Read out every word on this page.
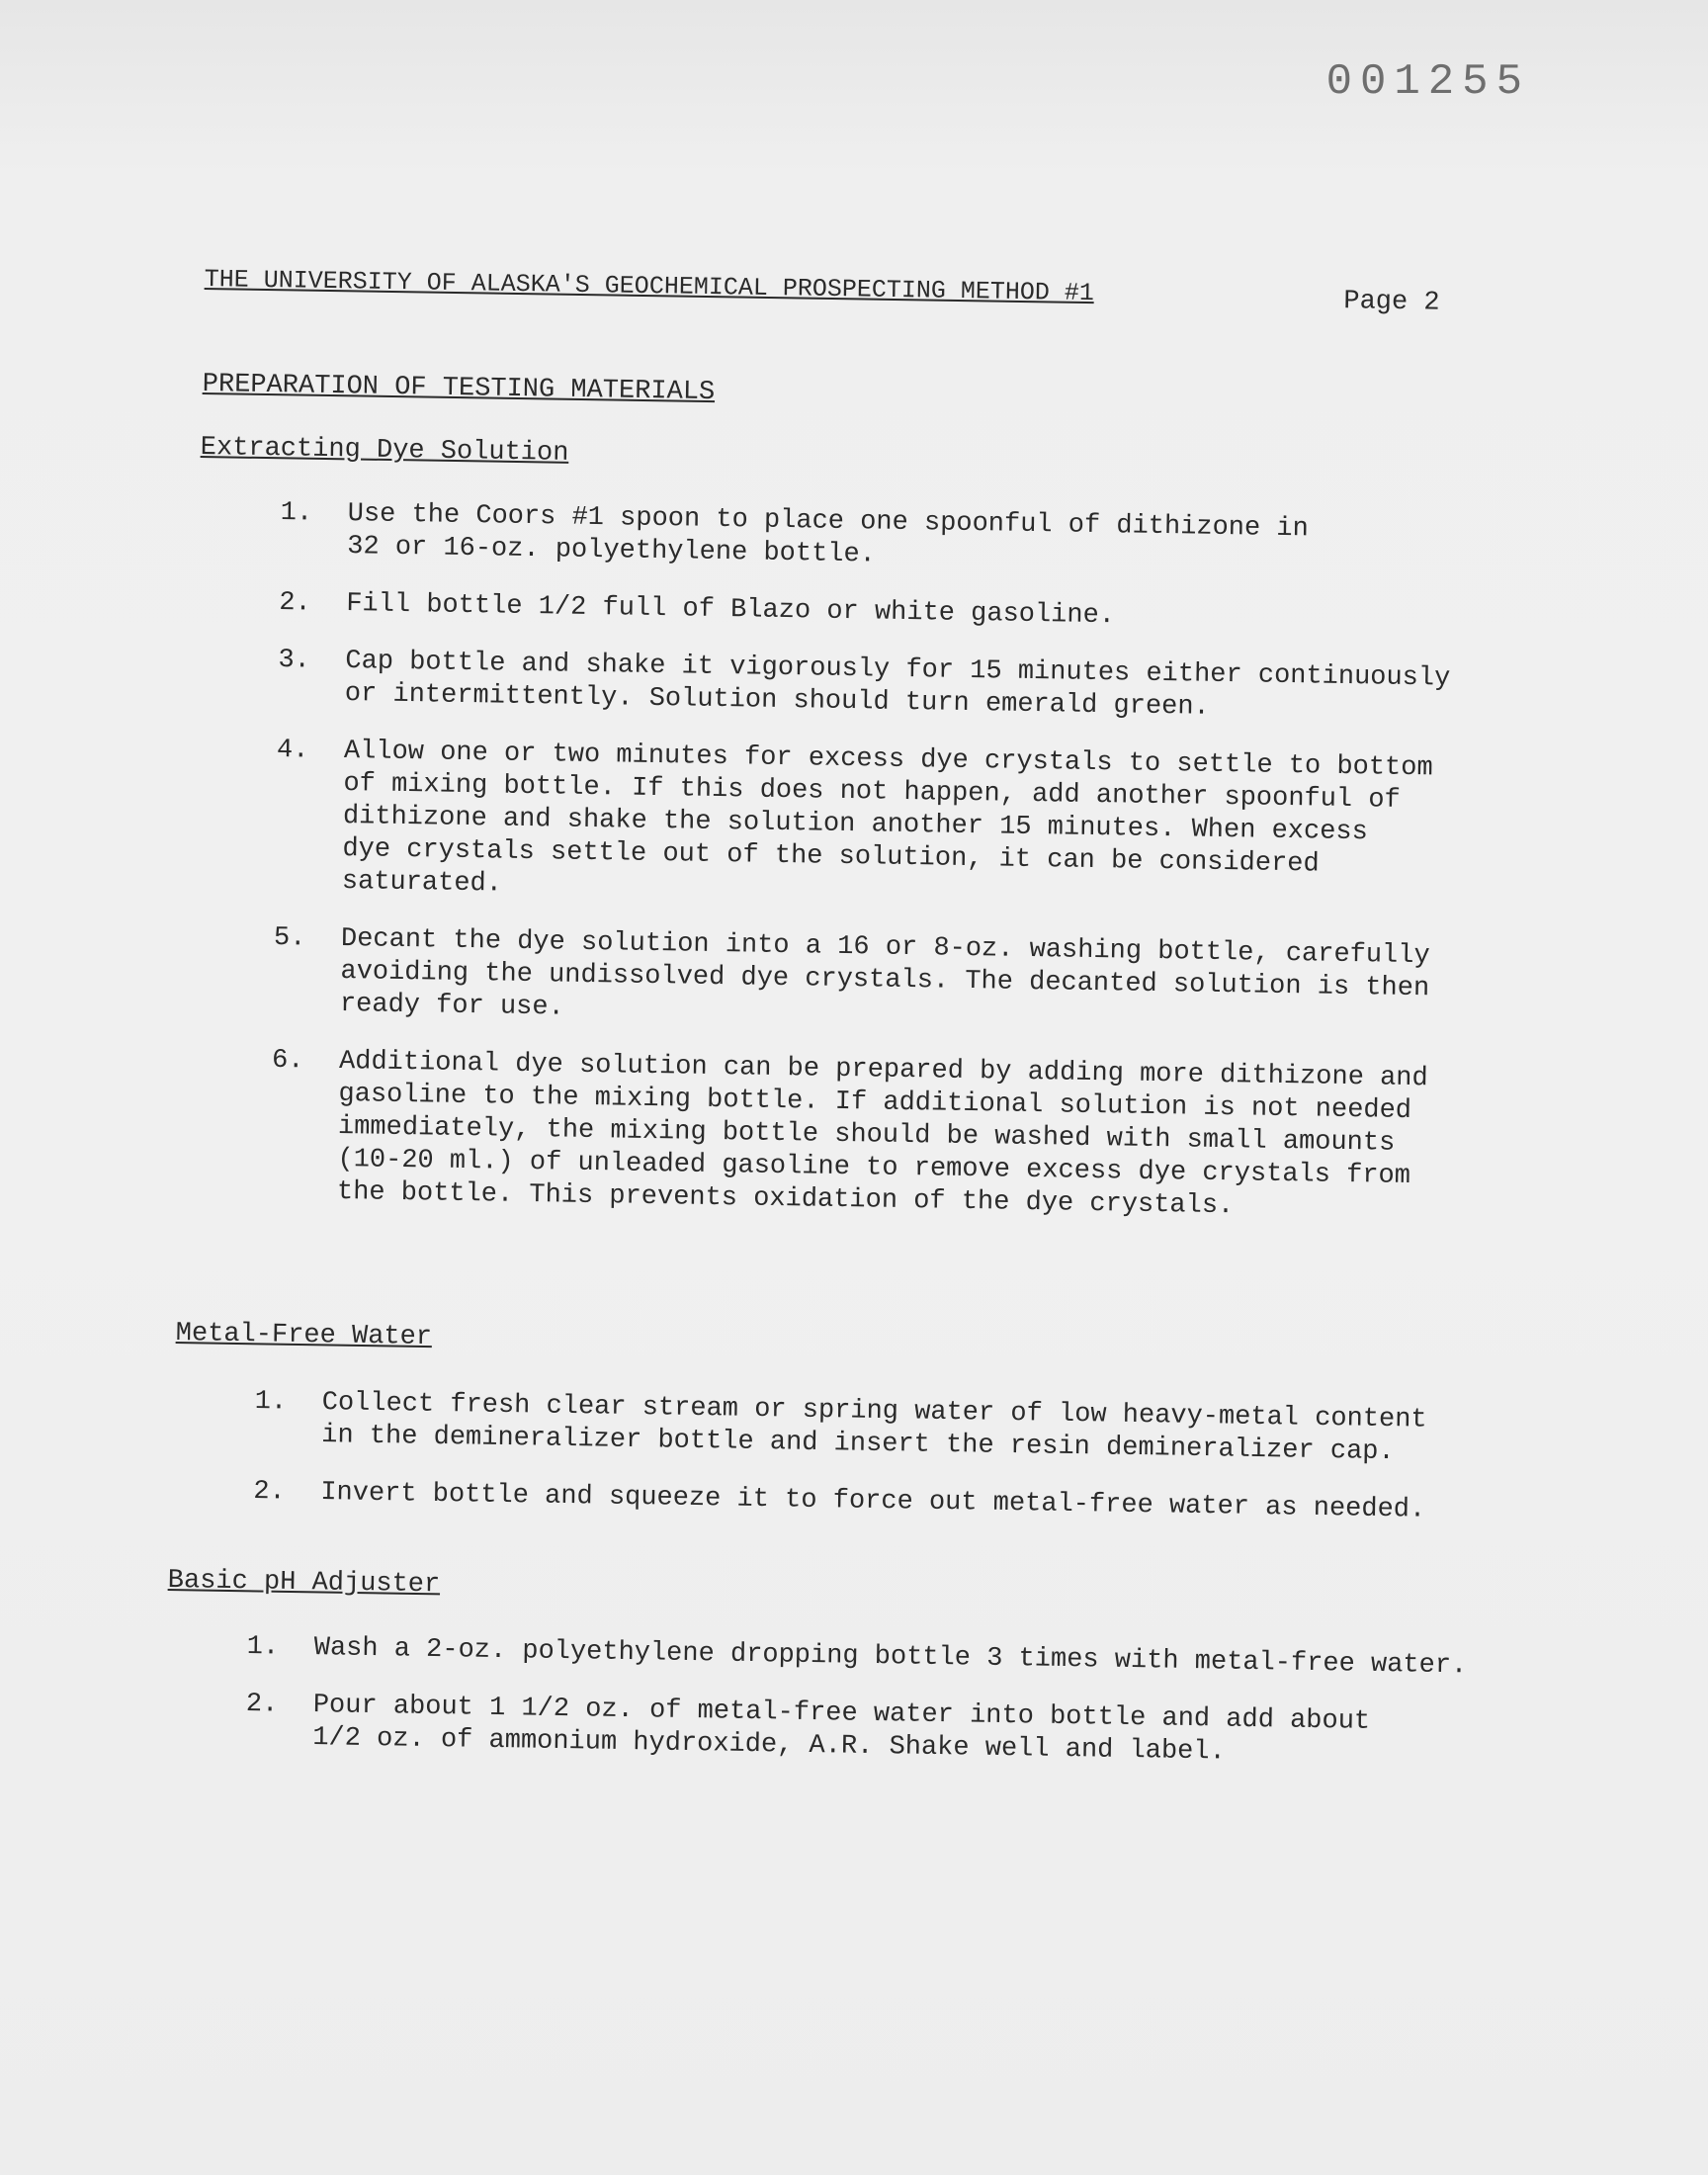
001255
THE UNIVERSITY OF ALASKA'S GEOCHEMICAL PROSPECTING METHOD #1	Page 2
PREPARATION OF TESTING MATERIALS
Extracting Dye Solution
1. Use the Coors #1 spoon to place one spoonful of dithizone in
32 or 16-oz. polyethylene bottle.
2. Fill bottle 1/2 full of Blazo or white gasoline.
3. Cap bottle and shake it vigorously for 15 minutes either continuously
or intermittently. Solution should turn emerald green.
4. Allow one or two minutes for excess dye crystals to settle to bottom
of mixing bottle. If this does not happen, add another spoonful of
dithizone and shake the solution another 15 minutes. When excess
dye crystals settle out of the solution, it can be considered
saturated.
5. Decant the dye solution into a 16 or 8-oz. washing bottle, carefully
avoiding the undissolved dye crystals. The decanted solution is then
ready for use.
6. Additional dye solution can be prepared by adding more dithizone and
gasoline to the mixing bottle. If additional solution is not needed
immediately, the mixing bottle should be washed with small amounts
(10-20 ml.) of unleaded gasoline to remove excess dye crystals from
the bottle. This prevents oxidation of the dye crystals.
Metal-Free Water
1. Collect fresh clear stream or spring water of low heavy-metal content
in the demineralizer bottle and insert the resin demineralizer cap.
2. Invert bottle and squeeze it to force out metal-free water as needed.
Basic pH Adjuster
1. Wash a 2-oz. polyethylene dropping bottle 3 times with metal-free water.
2. Pour about 1 1/2 oz. of metal-free water into bottle and add about
1/2 oz. of ammonium hydroxide, A.R. Shake well and label.
